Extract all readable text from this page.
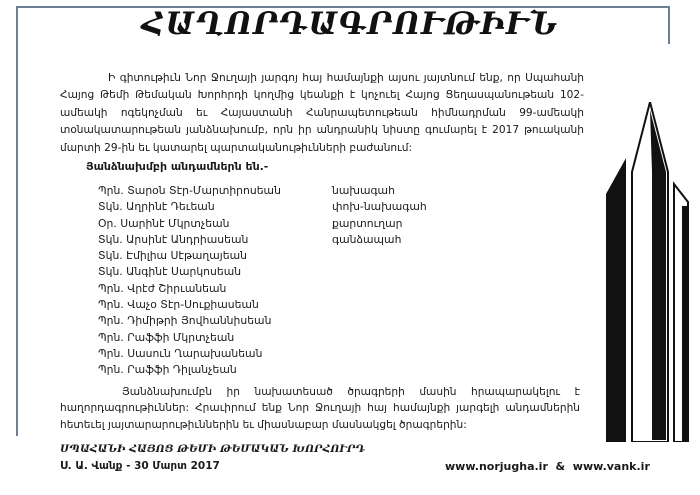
ՀԱՂՈՐԴԱԳՐՈՒԹԻՒՆ

Ի գիտութիւն Նոր Ջուղայի յարգոյ հայ համայնքի այսու յայտնում ենք, որ Սպահանի Հայոց Թեմի Թեմական Խորհրդի կողմից կեանքի է կոչուել Հայոց Ցեղասպանութեան 102-ամեակի ոգեկոչման եւ Հայաստանի Հանրապետութեան հիմնադրման 99-ամեակի տօնակատարութեան յանձնախումբ, որն իր անդրանիկ նիստը գումարել է 2017 թուականի մարտի 29-ին եւ կատարել պարտականութիւնների բաժանում:

Յանձնախմբի անդամներն են.-
Պրն. Տարօն Տէր-Մարտիրոսեան	նախագահ
Տկն. Աղրինէ Դեւեան	փոխ-նախագահ
Օր. Սարինէ Մկրտչեան	քարտուղար
Տկն. Արսինէ Անդրիասեան	գանձապահ
Տկն. Էմիլիա Սէթաղայեան
Տկն. Անգինէ Սարկոսեան
Պրն. Վրէժ Շիրւանեան
Պրն. Վաչօ Տէր-Սուքիասեան
Պրն. Դիմիթրի Յովհաննիսեան
Պրն. Րաֆֆի Մկրտչեան
Պրն. Սասուն Ղարախանեան
Պրն. Րաֆֆի Դիլանչեան

Յանձնախումբն իր նախատեսած ծրագրերի մասին հրապարակելու է հաղորդագրութիւններ: Հրաւիրում ենք Նոր Ջուղայի հայ համայնքի յարգելի անդամներին հետեւել յայտարարութիւններին եւ միասնաբար մասնակցել ծրագրերին:

ՍՊԱՀԱՆԻ ՀԱՅՈՑ ԹԵՄԻ ԹԵՄԱԿԱՆ ԽՈՐՀՈՒՐԴ
Ս. Ա. Վանք - 30 Մարտ 2017	www.norjugha.ir  &  www.vank.ir
